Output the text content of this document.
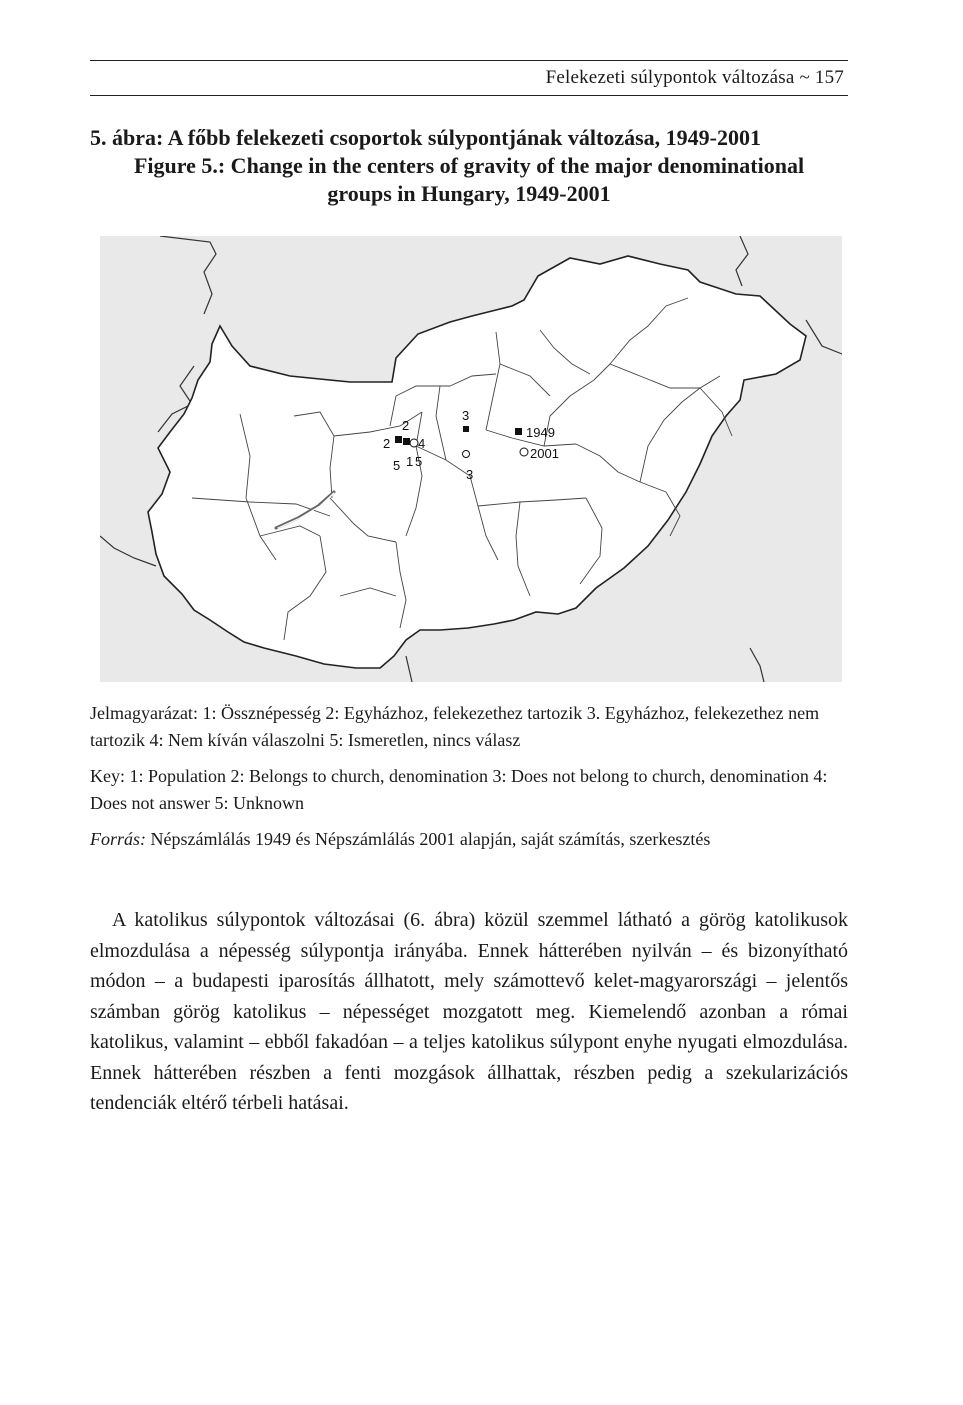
Felekezeti súlypontok változása ~ 157

5. ábra: A főbb felekezeti csoportok súlypontjának változása, 1949-2001

Figure 5.: Change in the centers of gravity of the major denominational

groups in Hungary, 1949-2001

2
2 4
5 1 5
3
3
1949
2001

Jelmagyarázat: 1: Össznépesség 2: Egyházhoz, felekezethez tartozik 3. Egyházhoz, felekezethez nem tartozik 4: Nem kíván válaszolni 5: Ismeretlen, nincs válasz

Key: 1: Population 2: Belongs to church, denomination 3: Does not belong to church, denomination 4: Does not answer 5: Unknown

Forrás: Népszámlálás 1949 és Népszámlálás 2001 alapján, saját számítás, szerkesztés

A katolikus súlypontok változásai (6. ábra) közül szemmel látható a görög katolikusok elmozdulása a népesség súlypontja irányába. Ennek hátterében nyilván – és bizonyítható módon – a budapesti iparosítás állhatott, mely számottevő kelet-magyarországi – jelentős számban görög katolikus – népességet mozgatott meg. Kiemelendő azonban a római katolikus, valamint – ebből fakadóan – a teljes katolikus súlypont enyhe nyugati elmozdulása. Ennek hátterében részben a fenti mozgások állhattak, részben pedig a szekularizációs tendenciák eltérő térbeli hatásai.
